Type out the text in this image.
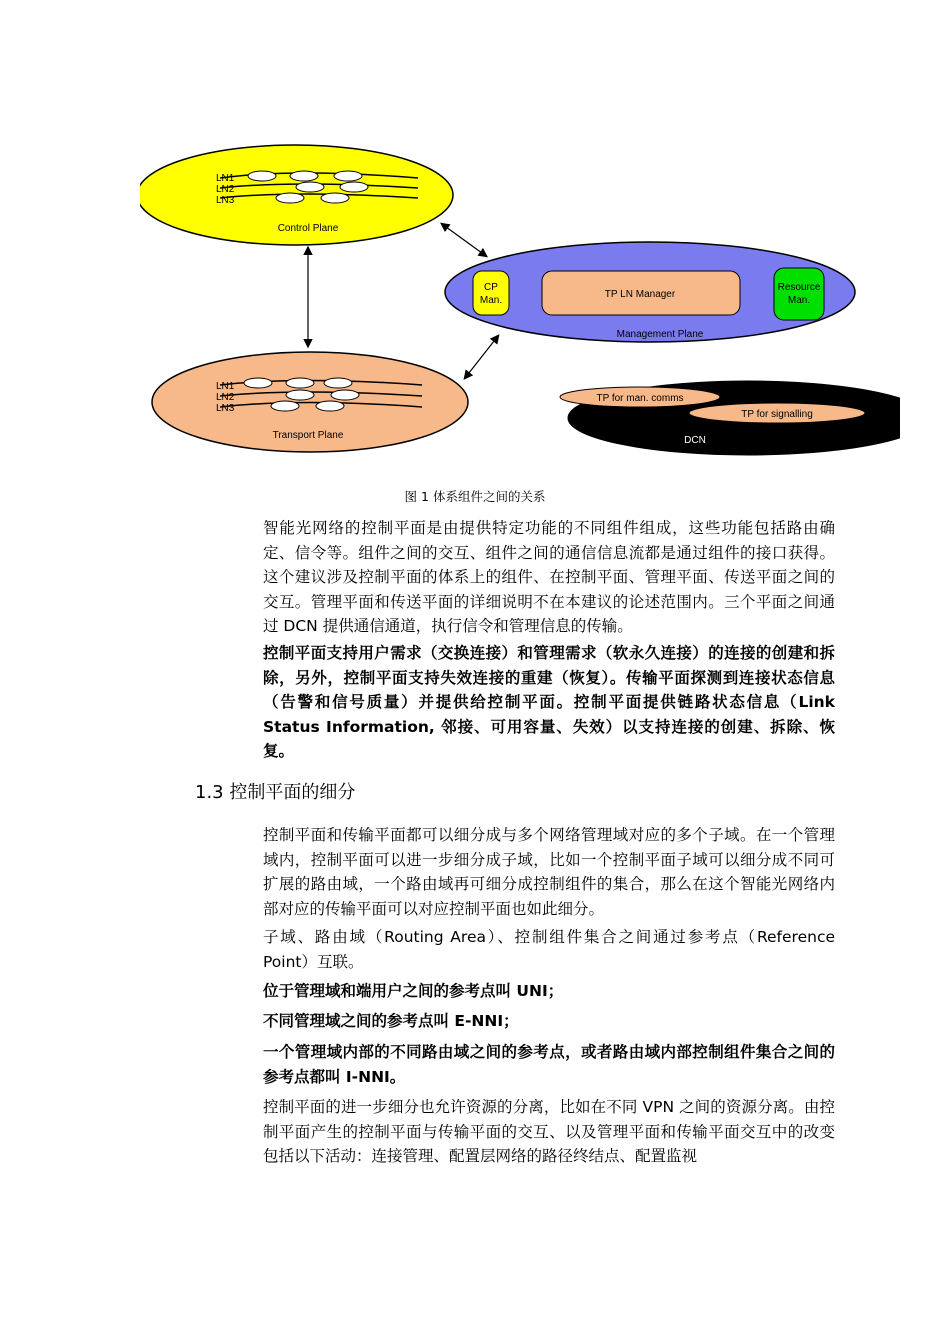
LN1
LN2
LN3
Control Plane
LN1
LN2
LN3
Transport Plane
CP
Man.
TP LN Manager
Resource
Man.
Management Plane
TP for man. comms
TP for signalling
DCN
图 1 体系组件之间的关系

智能光网络的控制平面是由提供特定功能的不同组件组成，这些功能包括路由确定、信令等。组件之间的交互、组件之间的通信信息流都是通过组件的接口获得。这个建议涉及控制平面的体系上的组件、在控制平面、管理平面、传送平面之间的交互。管理平面和传送平面的详细说明不在本建议的论述范围内。三个平面之间通过 DCN 提供通信通道，执行信令和管理信息的传输。

控制平面支持用户需求（交换连接）和管理需求（软永久连接）的连接的创建和拆除，另外，控制平面支持失效连接的重建（恢复）。传输平面探测到连接状态信息（告警和信号质量）并提供给控制平面。控制平面提供链路状态信息（Link Status Information, 邻接、可用容量、失效）以支持连接的创建、拆除、恢复。

1.3 控制平面的细分

控制平面和传输平面都可以细分成与多个网络管理域对应的多个子域。在一个管理域内，控制平面可以进一步细分成子域，比如一个控制平面子域可以细分成不同可扩展的路由域，一个路由域再可细分成控制组件的集合，那么在这个智能光网络内部对应的传输平面可以对应控制平面也如此细分。

子域、路由域（Routing Area）、控制组件集合之间通过参考点（Reference Point）互联。

位于管理域和端用户之间的参考点叫 UNI；

不同管理域之间的参考点叫 E-NNI；

一个管理域内部的不同路由域之间的参考点，或者路由域内部控制组件集合之间的参考点都叫 I-NNI。

控制平面的进一步细分也允许资源的分离，比如在不同 VPN 之间的资源分离。由控制平面产生的控制平面与传输平面的交互、以及管理平面和传输平面交互中的改变包括以下活动：连接管理、配置层网络的路径终结点、配置监视
